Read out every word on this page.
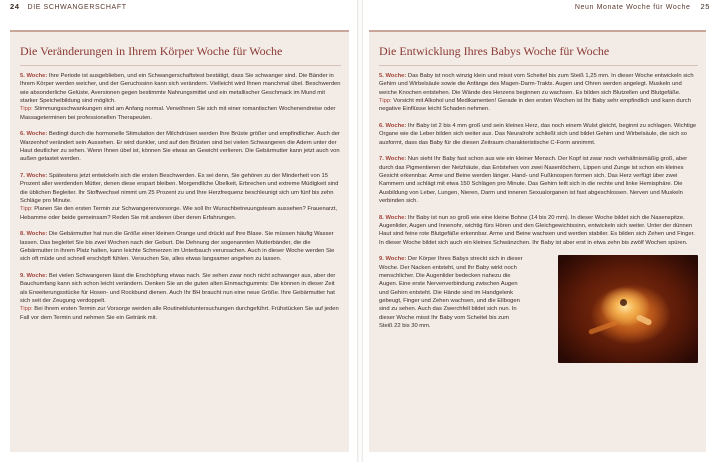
24 DIE SCHWANGERSCHAFT
Die Veränderungen in Ihrem Körper Woche für Woche

5. Woche: Ihre Periode ist ausgeblieben, und ein Schwangerschaftstest bestätigt, dass Sie schwanger sind. Die Bänder in Ihrem Körper werden weicher, und der Geruchssinn kann sich verändern. Vielleicht wird Ihnen manchmal übel. Beschwerden wie absonderliche Gelüste, Aversionen gegen bestimmte Nahrungsmittel und ein metallischer Geschmack im Mund mit starker Speichelbildung sind möglich.
Tipp: Stimmungsschwankungen sind am Anfang normal. Verwöhnen Sie sich mit einer romantischen Wochenendreise oder Massageterminen bei professionellen Therapeuten.

6. Woche: Bedingt durch die hormonelle Stimulation der Milchdrüsen werden Ihre Brüste größer und empfindlicher. Auch der Warzenhof verändert sein Aussehen. Er wird dunkler, und auf den Brüsten sind bei vielen Schwangeren die Adern unter der Haut deutlicher zu sehen. Wenn Ihnen übel ist, können Sie etwas an Gewicht verlieren. Die Gebärmutter kann jetzt auch von außen getastet werden.

7. Woche: Spätestens jetzt entwickeln sich die ersten Beschwerden. Es sei denn, Sie gehören zu der Minderheit von 15 Prozent aller werdenden Mütter, denen diese erspart bleiben. Morgendliche Übelkeit, Erbrechen und extreme Müdigkeit sind die üblichen Begleiter. Ihr Stoffwechsel nimmt um 25 Prozent zu und Ihre Herzfrequenz beschleunigt sich um fünf bis zehn Schläge pro Minute.
Tipp: Planen Sie den ersten Termin zur Schwangerenvorsorge. Wie soll Ihr Wunschbetreuungsteam aussehen? Frauenarzt, Hebamme oder beide gemeinsam? Reden Sie mit anderen über deren Erfahrungen.

8. Woche: Die Gebärmutter hat nun die Größe einer kleinen Orange und drückt auf Ihre Blase. Sie müssen häufig Wasser lassen. Das begleitet Sie bis zwei Wochen nach der Geburt. Die Dehnung der sogenannten Mutterbänder, die die Gebärmutter in ihrem Platz halten, kann leichte Schmerzen im Unterbauch verursachen. Auch in dieser Woche werden Sie sich oft müde und schnell erschöpft fühlen. Versuchen Sie, alles etwas langsamer angehen zu lassen.

9. Woche: Bei vielen Schwangeren lässt die Erschöpfung etwas nach. Sie sehen zwar noch nicht schwanger aus, aber der Bauchumfang kann sich schon leicht verändern. Denken Sie an die guten alten Einmachgummis: Die können in dieser Zeit als Erweiterungsstücke für Hosen- und Rockbund dienen. Auch Ihr BH braucht nun eine neue Größe. Ihre Gebärmutter hat sich seit der Zeugung verdoppelt.
Tipp: Bei Ihrem ersten Termin zur Vorsorge werden alle Routineblutuntersuchungen durchgeführt. Frühstücken Sie auf jeden Fall vor dem Termin und nehmen Sie ein Getränk mit.

Neun Monate Woche für Woche 25
Die Entwicklung Ihres Babys Woche für Woche

5. Woche: Das Baby ist noch winzig klein und misst vom Scheitel bis zum Steiß 1,25 mm. In dieser Woche entwickeln sich Gehirn und Wirbelsäule sowie die Anfänge des Magen-Darm-Trakts. Augen und Ohren werden angelegt. Muskeln und weiche Knochen entstehen. Die Wände des Herzens beginnen zu wachsen. Es bilden sich Blutzellen und Blutgefäße.
Tipp: Vorsicht mit Alkohol und Medikamenten! Gerade in den ersten Wochen ist Ihr Baby sehr empfindlich und kann durch negative Einflüsse leicht Schaden nehmen.

6. Woche: Ihr Baby ist 2 bis 4 mm groß und sein kleines Herz, das noch einem Wulst gleicht, beginnt zu schlagen. Wichtige Organe wie die Leber bilden sich weiter aus. Das Neuralrohr schließt sich und bildet Gehirn und Wirbelsäule, die sich so ausformt, dass das Baby für die diesen Zeitraum charakteristische C-Form annimmt.

7. Woche: Nun sieht Ihr Baby fast schon aus wie ein kleiner Mensch. Der Kopf ist zwar noch verhältnismäßig groß, aber durch das Pigmentieren der Netzhäute, das Entstehen von zwei Nasenlöchern, Lippen und Zunge ist schon ein kleines Gesicht erkennbar. Arme und Beine werden länger. Hand- und Fußknospen formen sich. Das Herz verfügt über zwei Kammern und schlägt mit etwa 150 Schlägen pro Minute. Das Gehirn teilt sich in die rechte und linke Hemisphäre. Die Ausbildung von Leber, Lungen, Nieren, Darm und inneren Sexualorganen ist fast abgeschlossen. Nerven und Muskeln verbinden sich.

8. Woche: Ihr Baby ist nun so groß wie eine kleine Bohne (14 bis 20 mm). In dieser Woche bildet sich die Nasenspitze. Augenlider, Augen und Innenohr, wichtig fürs Hören und den Gleichgewichtssinn, entwickeln sich weiter. Unter der dünnen Haut sind feine rote Blutgefäße erkennbar. Arme und Beine wachsen und werden stabiler. Es bilden sich Zehen und Finger. In dieser Woche bildet sich auch ein kleines Schwänzchen. Ihr Baby ist aber erst in etwa zehn bis zwölf Wochen spüren.

9. Woche: Der Körper Ihres Babys streckt sich in dieser Woche. Der Nacken entsteht, und Ihr Baby wirkt noch menschlicher. Die Augenlider bedecken nahezu die Augen. Eine erste Nervenverbindung zwischen Augen und Gehirn entsteht. Die Hände sind im Handgelenk gebeugt, Finger und Zehen wachsen, und die Ellbogen sind zu sehen. Auch das Zwerchfell bildet sich nun. In dieser Woche misst Ihr Baby vom Scheitel bis zum Steiß 22 bis 30 mm.
